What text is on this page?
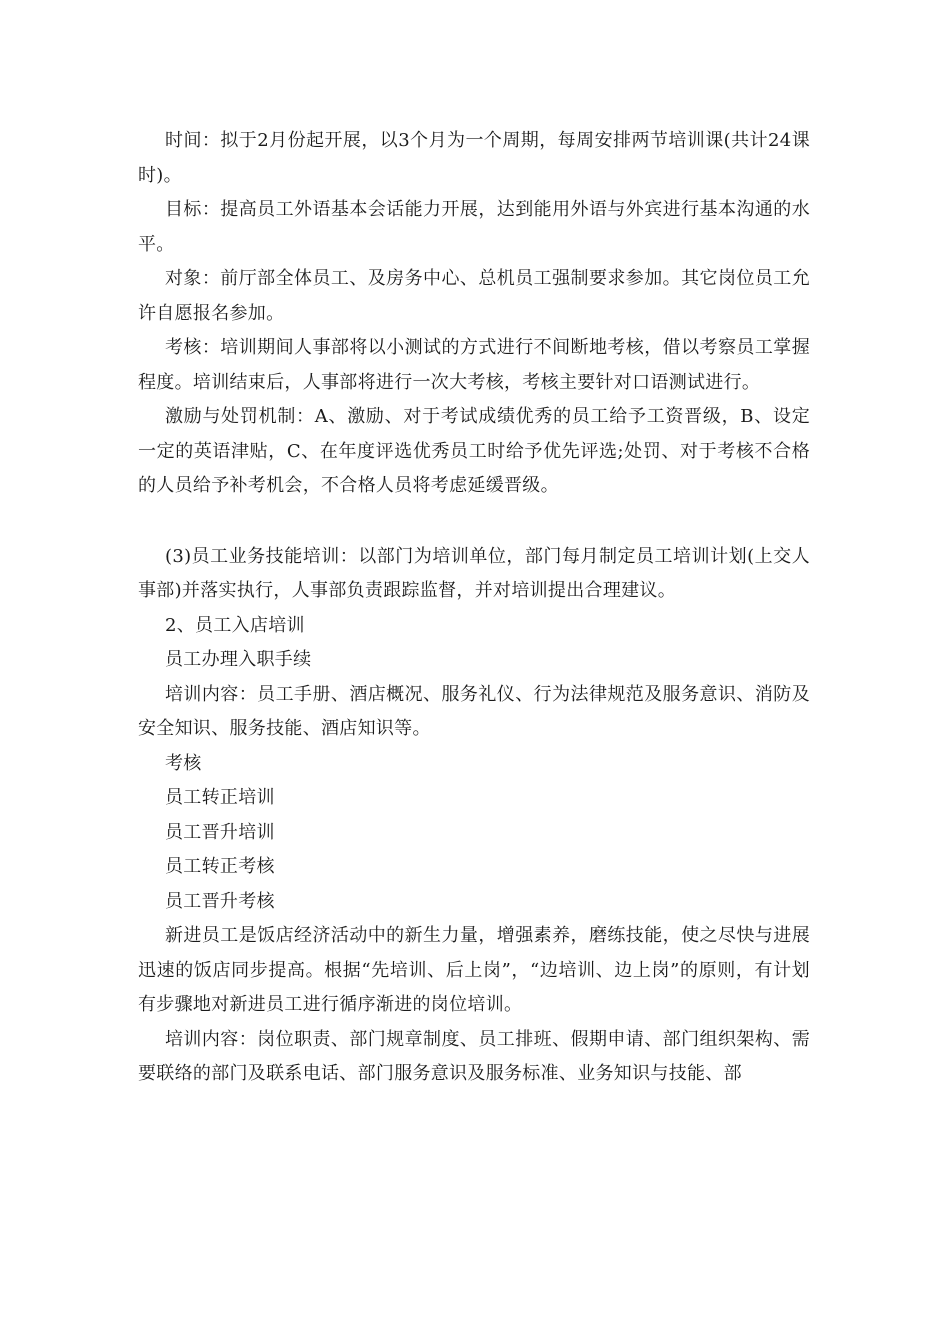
时间：拟于2月份起开展，以3个月为一个周期，每周安排两节培训课(共计24课时)。

目标：提高员工外语基本会话能力开展，达到能用外语与外宾进行基本沟通的水平。

对象：前厅部全体员工、及房务中心、总机员工强制要求参加。其它岗位员工允许自愿报名参加。

考核：培训期间人事部将以小测试的方式进行不间断地考核，借以考察员工掌握程度。培训结束后，人事部将进行一次大考核，考核主要针对口语测试进行。

激励与处罚机制：A、激励、对于考试成绩优秀的员工给予工资晋级，B、设定一定的英语津贴，C、在年度评选优秀员工时给予优先评选;处罚、对于考核不合格的人员给予补考机会，不合格人员将考虑延缓晋级。

(3)员工业务技能培训：以部门为培训单位，部门每月制定员工培训计划(上交人事部)并落实执行，人事部负责跟踪监督，并对培训提出合理建议。

2、员工入店培训

员工办理入职手续

培训内容：员工手册、酒店概况、服务礼仪、行为法律规范及服务意识、消防及安全知识、服务技能、酒店知识等。

考核

员工转正培训

员工晋升培训

员工转正考核

员工晋升考核

新进员工是饭店经济活动中的新生力量，增强素养，磨练技能，使之尽快与进展迅速的饭店同步提高。根据“先培训、后上岗”，“边培训、边上岗”的原则，有计划有步骤地对新进员工进行循序渐进的岗位培训。

培训内容：岗位职责、部门规章制度、员工排班、假期申请、部门组织架构、需要联络的部门及联系电话、部门服务意识及服务标准、业务知识与技能、部
